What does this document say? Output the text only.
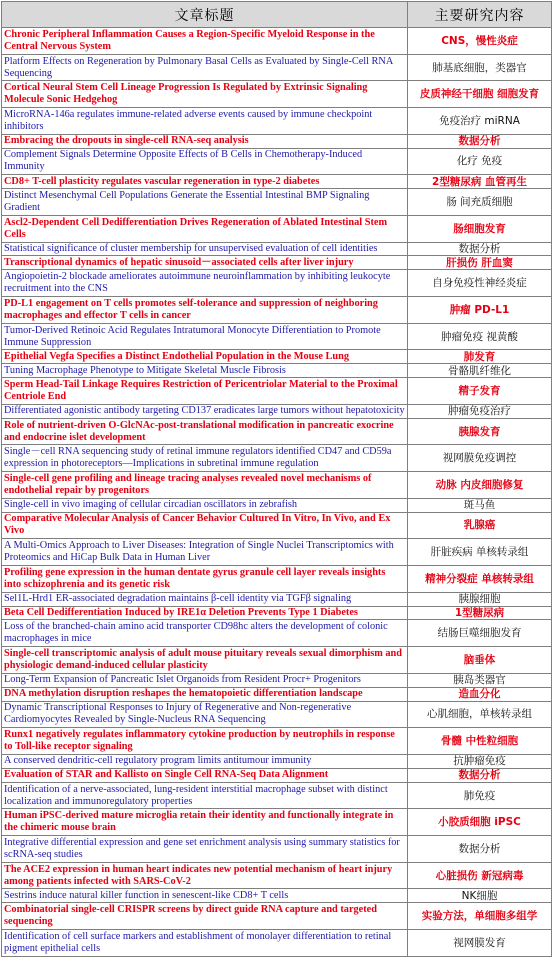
文章标题	主要研究内容
Chronic Peripheral Inflammation Causes a Region-Specific Myeloid Response in the Central Nervous System	CNS，慢性炎症
Platform Effects on Regeneration by Pulmonary Basal Cells as Evaluated by Single-Cell RNA Sequencing	肺基底细胞，类器官
Cortical Neural Stem Cell Lineage Progression Is Regulated by Extrinsic Signaling Molecule Sonic Hedgehog	皮质神经干细胞 细胞发育
MicroRNA-146a regulates immune-related adverse events caused by immune checkpoint inhibitors	免疫治疗 miRNA
Embracing the dropouts in single-cell RNA-seq analysis	数据分析
Complement Signals Determine Opposite Effects of B Cells in Chemotherapy-Induced Immunity	化疗 免疫
CD8+ T-cell plasticity regulates vascular regeneration in type-2 diabetes	2型糖尿病 血管再生
Distinct Mesenchymal Cell Populations Generate the Essential Intestinal BMP Signaling Gradient	肠 间充质细胞
Ascl2-Dependent Cell Dedifferentiation Drives Regeneration of Ablated Intestinal Stem Cells	肠细胞发育
Statistical significance of cluster membership for unsupervised evaluation of cell identities	数据分析
Transcriptional dynamics of hepatic sinusoid－associated cells after liver injury	肝损伤 肝血窦
Angiopoietin-2 blockade ameliorates autoimmune neuroinflammation by inhibiting leukocyte recruitment into the CNS	自身免疫性神经炎症
PD-L1 engagement on T cells promotes self-tolerance and suppression of neighboring macrophages and effector T cells in cancer	肿瘤 PD-L1
Tumor-Derived Retinoic Acid Regulates Intratumoral Monocyte Differentiation to Promote Immune Suppression	肿瘤免疫 视黄酸
Epithelial Vegfa Specifies a Distinct Endothelial Population in the Mouse Lung	肺发育
Tuning Macrophage Phenotype to Mitigate Skeletal Muscle Fibrosis	骨骼肌纤维化
Sperm Head-Tail Linkage Requires Restriction of Pericentriolar Material to the Proximal Centriole End	精子发育
Differentiated agonistic antibody targeting CD137 eradicates large tumors without hepatotoxicity	肿瘤免疫治疗
Role of nutrient-driven O-GlcNAc-post-translational modification in pancreatic exocrine and endocrine islet development	胰腺发育
Single－cell RNA sequencing study of retinal immune regulators identified CD47 and CD59a expression in photoreceptors—Implications in subretinal immune regulation	视网膜免疫调控
Single-cell gene profiling and lineage tracing analyses revealed novel mechanisms of endothelial repair by progenitors	动脉 内皮细胞修复
Single-cell in vivo imaging of cellular circadian oscillators in zebrafish	斑马鱼
Comparative Molecular Analysis of Cancer Behavior Cultured In Vitro, In Vivo, and Ex Vivo	乳腺癌
A Multi-Omics Approach to Liver Diseases: Integration of Single Nuclei Transcriptomics with Proteomics and HiCap Bulk Data in Human Liver	肝脏疾病 单核转录组
Profiling gene expression in the human dentate gyrus granule cell layer reveals insights into schizophrenia and its genetic risk	精神分裂症 单核转录组
Sel1L-Hrd1 ER-associated degradation maintains β-cell identity via TGFβ signaling	胰腺细胞
Beta Cell Dedifferentiation Induced by IRE1α Deletion Prevents Type 1 Diabetes	1型糖尿病
Loss of the branched-chain amino acid transporter CD98hc alters the development of colonic macrophages in mice	结肠巨噬细胞发育
Single-cell transcriptomic analysis of adult mouse pituitary reveals sexual dimorphism and physiologic demand-induced cellular plasticity	脑垂体
Long-Term Expansion of Pancreatic Islet Organoids from Resident Procr+ Progenitors	胰岛类器官
DNA methylation disruption reshapes the hematopoietic differentiation landscape	造血分化
Dynamic Transcriptional Responses to Injury of Regenerative and Non-regenerative Cardiomyocytes Revealed by Single-Nucleus RNA Sequencing	心肌细胞，单核转录组
Runx1 negatively regulates inflammatory cytokine production by neutrophils in response to Toll-like receptor signaling	骨髓 中性粒细胞
A conserved dendritic-cell regulatory program limits antitumour immunity	抗肿瘤免疫
Evaluation of STAR and Kallisto on Single Cell RNA-Seq Data Alignment	数据分析
Identification of a nerve-associated, lung-resident interstitial macrophage subset with distinct localization and immunoregulatory properties	肺免疫
Human iPSC-derived mature microglia retain their identity and functionally integrate in the chimeric mouse brain	小胶质细胞 iPSC
Integrative differential expression and gene set enrichment analysis using summary statistics for scRNA-seq studies	数据分析
The ACE2 expression in human heart indicates new potential mechanism of heart injury among patients infected with SARS-CoV-2	心脏损伤 新冠病毒
Sestrins induce natural killer function in senescent-like CD8+ T cells	NK细胞
Combinatorial single-cell CRISPR screens by direct guide RNA capture and targeted sequencing	实验方法，单细胞多组学
Identification of cell surface markers and establishment of monolayer differentiation to retinal pigment epithelial cells	视网膜发育
